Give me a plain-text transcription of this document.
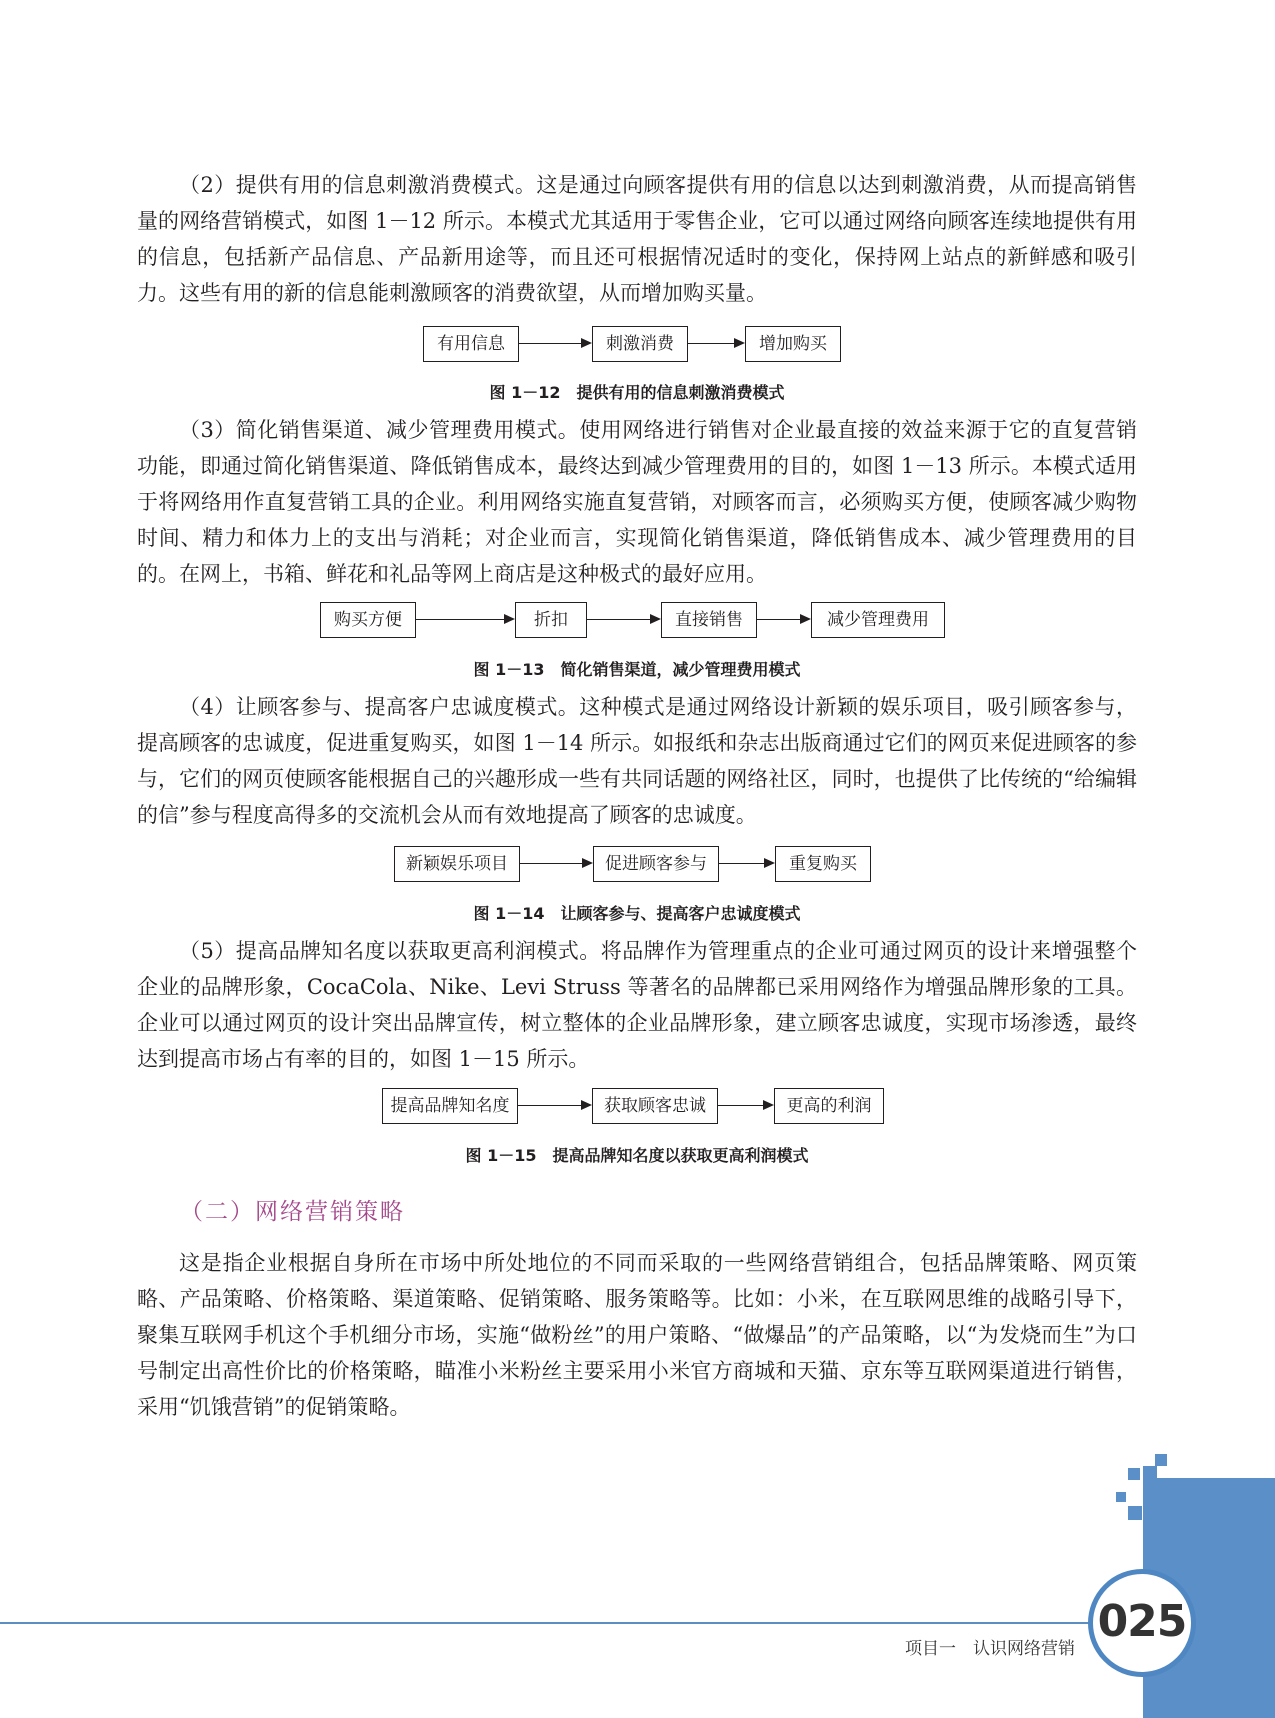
（2）提供有用的信息刺激消费模式。这是通过向顾客提供有用的信息以达到刺激消费，从而提高销售量的网络营销模式，如图 1－12 所示。本模式尤其适用于零售企业，它可以通过网络向顾客连续地提供有用的信息，包括新产品信息、产品新用途等，而且还可根据情况适时的变化，保持网上站点的新鲜感和吸引力。这些有用的新的信息能刺激顾客的消费欲望，从而增加购买量。

有用信息	刺激消费	增加购买

图 1－12　提供有用的信息刺激消费模式

（3）简化销售渠道、减少管理费用模式。使用网络进行销售对企业最直接的效益来源于它的直复营销功能，即通过简化销售渠道、降低销售成本，最终达到减少管理费用的目的，如图 1－13 所示。本模式适用于将网络用作直复营销工具的企业。利用网络实施直复营销，对顾客而言，必须购买方便，使顾客减少购物时间、精力和体力上的支出与消耗；对企业而言，实现简化销售渠道，降低销售成本、减少管理费用的目的。在网上，书箱、鲜花和礼品等网上商店是这种极式的最好应用。

购买方便	折扣	直接销售	减少管理费用

图 1－13　简化销售渠道，减少管理费用模式

（4）让顾客参与、提高客户忠诚度模式。这种模式是通过网络设计新颖的娱乐项目，吸引顾客参与，提高顾客的忠诚度，促进重复购买，如图 1－14 所示。如报纸和杂志出版商通过它们的网页来促进顾客的参与，它们的网页使顾客能根据自己的兴趣形成一些有共同话题的网络社区，同时，也提供了比传统的“给编辑的信”参与程度高得多的交流机会从而有效地提高了顾客的忠诚度。

新颖娱乐项目	促进顾客参与	重复购买

图 1－14　让顾客参与、提高客户忠诚度模式

（5）提高品牌知名度以获取更高利润模式。将品牌作为管理重点的企业可通过网页的设计来增强整个企业的品牌形象，CocaCola、Nike、Levi Struss 等著名的品牌都已采用网络作为增强品牌形象的工具。企业可以通过网页的设计突出品牌宣传，树立整体的企业品牌形象，建立顾客忠诚度，实现市场渗透，最终达到提高市场占有率的目的，如图 1－15 所示。

提高品牌知名度	获取顾客忠诚	更高的利润

图 1－15　提高品牌知名度以获取更高利润模式

（二）网络营销策略

这是指企业根据自身所在市场中所处地位的不同而采取的一些网络营销组合，包括品牌策略、网页策略、产品策略、价格策略、渠道策略、促销策略、服务策略等。比如：小米，在互联网思维的战略引导下，聚集互联网手机这个手机细分市场，实施“做粉丝”的用户策略、“做爆品”的产品策略，以“为发烧而生”为口号制定出高性价比的价格策略，瞄准小米粉丝主要采用小米官方商城和天猫、京东等互联网渠道进行销售，采用“饥饿营销”的促销策略。

025

项目一　认识网络营销
